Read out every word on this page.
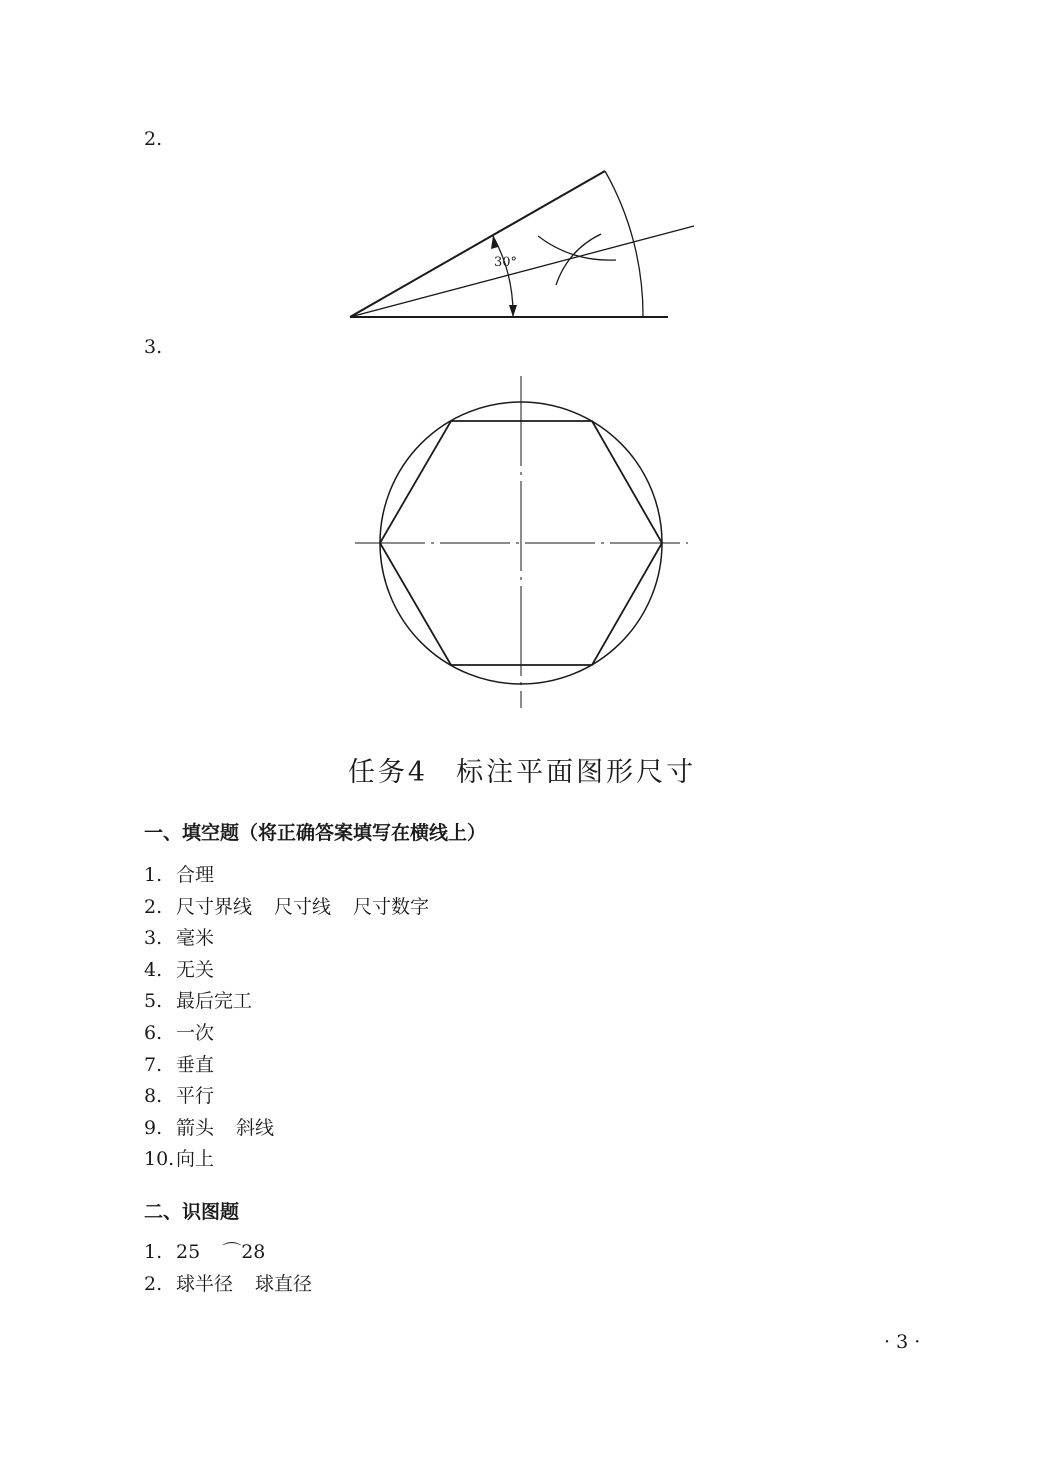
2.
30°
3.
任务4 标注平面图形尺寸
一、填空题（将正确答案填写在横线上）
1. 合理
2. 尺寸界线 尺寸线 尺寸数字
3. 毫米
4. 无关
5. 最后完工
6. 一次
7. 垂直
8. 平行
9. 箭头 斜线
10.向上
二、识图题
1. 25 ⌒28
2. 球半径 球直径
· 3 ·
